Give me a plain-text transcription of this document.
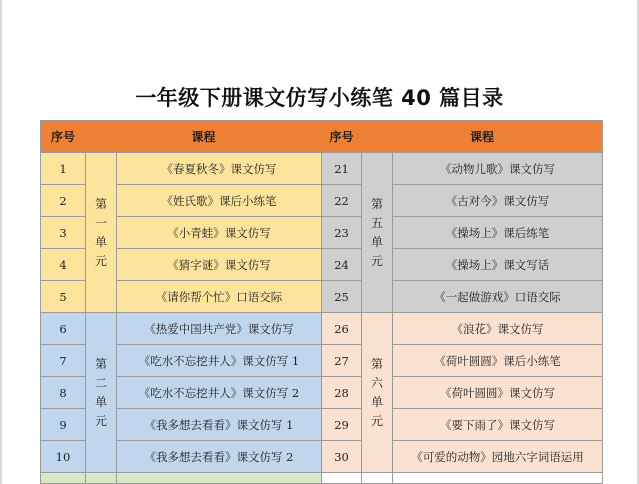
一年级下册课文仿写小练笔 40 篇目录
序号	课程		序号	课程	
1	第一单元	《春夏秋冬》课文仿写	21	第五单元	《动物儿歌》课文仿写
2		《姓氏歌》课后小练笔	22		《古对今》课文仿写
3		《小青蛙》课文仿写	23		《操场上》课后练笔
4		《猜字谜》课文仿写	24		《操场上》课文写话
5		《请你帮个忙》口语交际	25		《一起做游戏》口语交际
6	第二单元	《热爱中国共产党》课文仿写	26	第六单元	《浪花》课文仿写
7		《吃水不忘挖井人》课文仿写 1	27		《荷叶圆圆》课后小练笔
8		《吃水不忘挖井人》课文仿写 2	28		《荷叶圆圆》课文仿写
9		《我多想去看看》课文仿写 1	29		《要下雨了》课文仿写
10		《我多想去看看》课文仿写 2	30		《可爱的动物》园地六字词语运用
